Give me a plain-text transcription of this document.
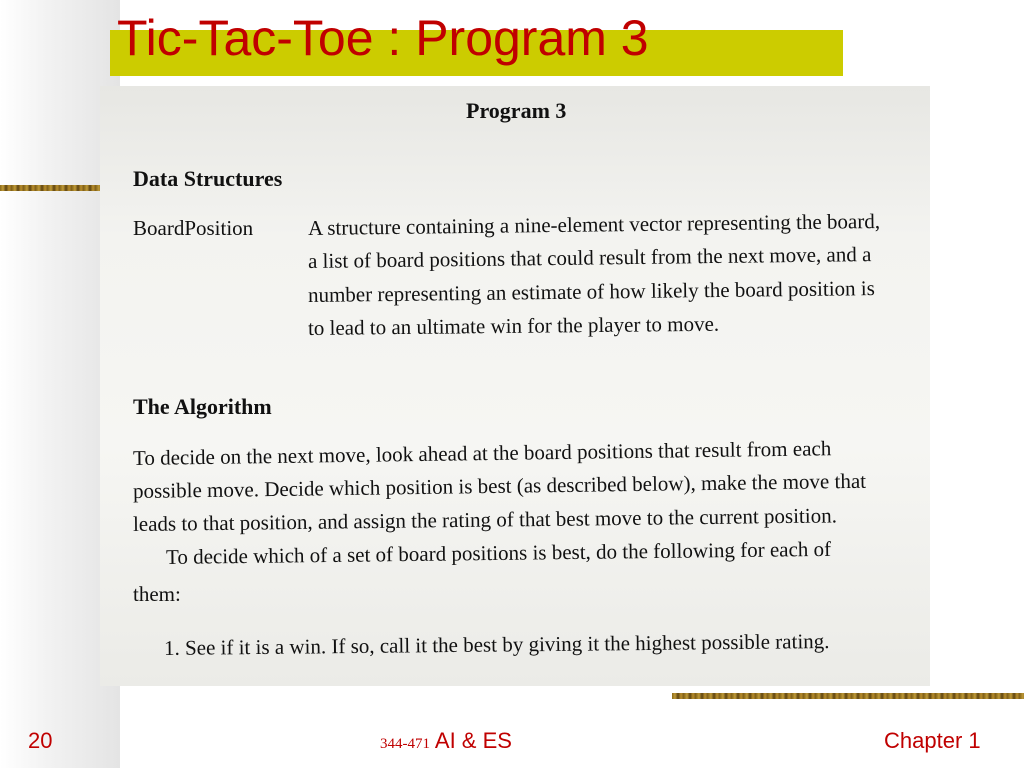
Tic-Tac-Toe : Program 3
Program 3
Data Structures
BoardPosition	A structure containing a nine-element vector representing the board,
a list of board positions that could result from the next move, and a
number representing an estimate of how likely the board position is
to lead to an ultimate win for the player to move.
The Algorithm
To decide on the next move, look ahead at the board positions that result from each
possible move. Decide which position is best (as described below), make the move that
leads to that position, and assign the rating of that best move to the current position.
To decide which of a set of board positions is best, do the following for each of
them:
1. See if it is a win. If so, call it the best by giving it the highest possible rating.
20	344-471 AI & ES	Chapter 1
